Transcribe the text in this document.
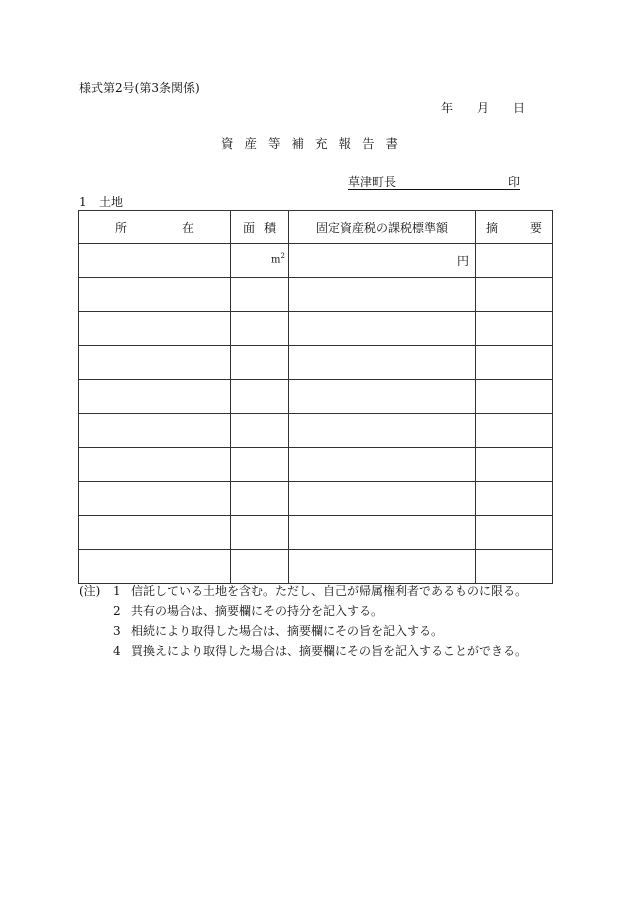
様式第2号(第3条関係)
年 月 日
資産等補充報告書
草津町長	印
1 土地
所 在	面 積	固定資産税の課税標準額	摘 要

	$m^2$	円	

(注) 1 信託している土地を含む。ただし、自己が帰属権利者であるものに限る。
2 共有の場合は、摘要欄にその持分を記入する。
3 相続により取得した場合は、摘要欄にその旨を記入する。
4 買換えにより取得した場合は、摘要欄にその旨を記入することができる。
